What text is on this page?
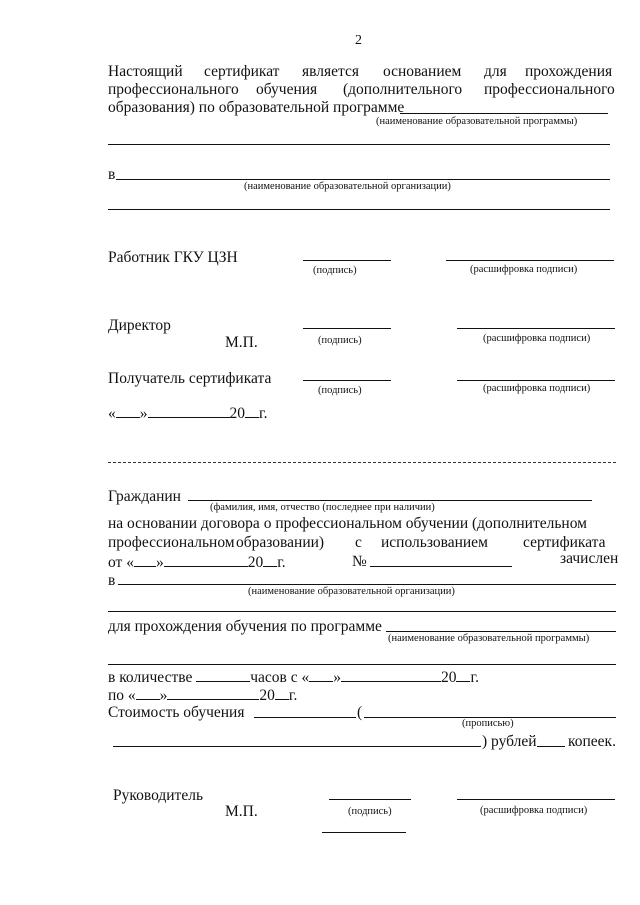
2
Настоящий сертификат является основанием для прохождения
профессионального обучения (дополнительного профессионального
образования) по образовательной программе
(наименование образовательной программы)
в
(наименование образовательной организации)
Работник ГКУ ЦЗН
(подпись)	(расшифровка подписи)
Директор
М.П.	(подпись)	(расшифровка подписи)
Получатель сертификата
(подпись)	(расшифровка подписи)
« »	20 г.
Гражданин
(фамилия, имя, отчество (последнее при наличии)
на основании договора о профессиональном обучении (дополнительном
профессиональном образовании) с использованием сертификата
от « »	20 г.	№	зачислен
в
(наименование образовательной организации)
для прохождения обучения по программе
(наименование образовательной программы)
в количестве	часов с « »	20 г.
по « »	20 г.
Стоимость обучения	(
(прописью)
) рублей копеек.
Руководитель
М.П.	(подпись)	(расшифровка подписи)
